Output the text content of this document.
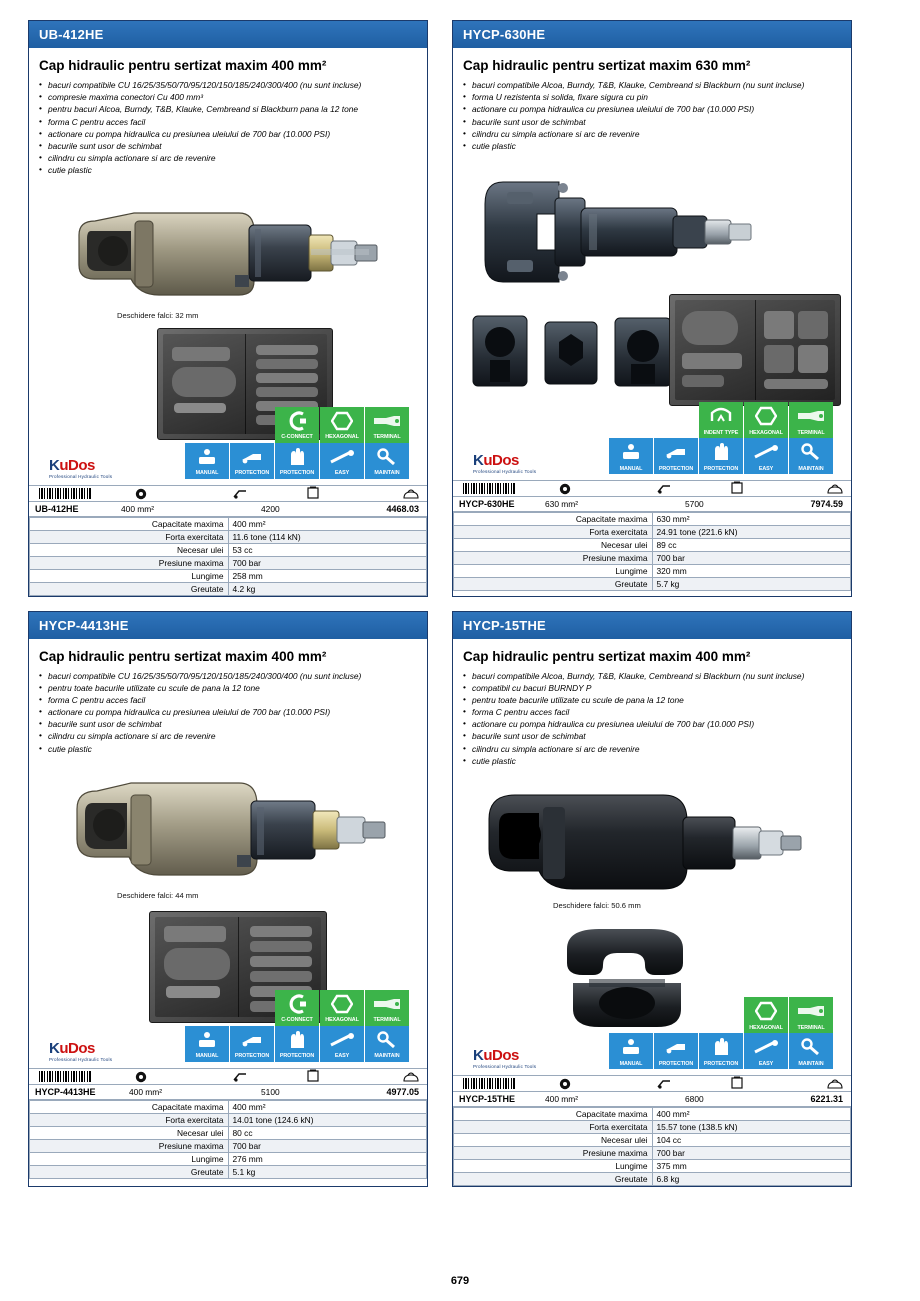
UB-412HE
Cap hidraulic pentru sertizat maxim 400 mm²
• bacuri compatibile CU 16/25/35/50/70/95/120/150/185/240/300/400 (nu sunt incluse)
• compresie maxima conectori Cu 400 mm³
• pentru bacuri Alcoa, Burndy, T&B, Klauke, Cembreand si Blackburn pana la 12 tone
• forma C pentru acces facil
• actionare cu pompa hidraulica cu presiunea uleiului de 700 bar (10.000 PSI)
• bacurile sunt usor de schimbat
• cilindru cu simpla actionare si arc de revenire
• cutie plastic
Deschidere falci: 32 mm
C-CONNECT HEXAGONAL	TERMINAL
MANUAL	PROTECTION PROTECTION	EASY	MAINTAIN
KuDos
Professional Hydraulic Tools
UB-412HE	400 mm²	4200	4468.03
Capacitate maxima	400 mm²
Forta exercitata	11.6 tone (114 kN)
Necesar ulei	53 cc
Presiune maxima	700 bar
Lungime	258 mm
Greutate	4.2 kg
HYCP-630HE
Cap hidraulic pentru sertizat maxim 630 mm²
• bacuri compatibile Alcoa, Burndy, T&B, Klauke, Cembreand si Blackburn (nu sunt incluse)
• forma U rezistenta si solida, fixare sigura cu pin
• actionare cu pompa hidraulica cu presiunea uleiului de 700 bar (10.000 PSI)
• bacurile sunt usor de schimbat
• cilindru cu simpla actionare si arc de revenire
• cutie plastic
INDENT TYPE HEXAGONAL	TERMINAL
MANUAL	PROTECTION PROTECTION	EASY	MAINTAIN
KuDos
Professional Hydraulic Tools
HYCP-630HE	630 mm²	5700	7974.59
Capacitate maxima	630 mm²
Forta exercitata	24.91 tone (221.6 kN)
Necesar ulei	89 cc
Presiune maxima	700 bar
Lungime	320 mm
Greutate	5.7 kg
HYCP-4413HE
Cap hidraulic pentru sertizat maxim 400 mm²
• bacuri compatibile CU 16/25/35/50/70/95/120/150/185/240/300/400 (nu sunt incluse)
• pentru toate bacurile utilizate cu scule de pana la 12 tone
• forma C pentru acces facil
• actionare cu pompa hidraulica cu presiunea uleiului de 700 bar (10.000 PSI)
• bacurile sunt usor de schimbat
• cilindru cu simpla actionare si arc de revenire
• cutie plastic
Deschidere falci: 44 mm
C-CONNECT HEXAGONAL	TERMINAL
MANUAL	PROTECTION PROTECTION	EASY	MAINTAIN
KuDos
Professional Hydraulic Tools
HYCP-4413HE	400 mm²	5100	4977.05
Capacitate maxima	400 mm²
Forta exercitata	14.01 tone (124.6 kN)
Necesar ulei	80 cc
Presiune maxima	700 bar
Lungime	276 mm
Greutate	5.1 kg
HYCP-15THE
Cap hidraulic pentru sertizat maxim 400 mm²
• bacuri compatibile Alcoa, Burndy, T&B, Klauke, Cembreand si Blackburn (nu sunt incluse)
• compatibil cu bacuri BURNDY P
• pentru toate bacurile utilizate cu scule de pana la 12 tone
• forma C pentru acces facil
• actionare cu pompa hidraulica cu presiunea uleiului de 700 bar (10.000 PSI)
• bacurile sunt usor de schimbat
• cilindru cu simpla actionare si arc de revenire
• cutie plastic
Deschidere falci: 50.6 mm
HEXAGONAL	TERMINAL
MANUAL	PROTECTION PROTECTION	EASY	MAINTAIN
KuDos
Professional Hydraulic Tools
HYCP-15THE	400 mm²	6800	6221.31
Capacitate maxima	400 mm²
Forta exercitata	15.57 tone (138.5 kN)
Necesar ulei	104 cc
Presiune maxima	700 bar
Lungime	375 mm
Greutate	6.8 kg
679
